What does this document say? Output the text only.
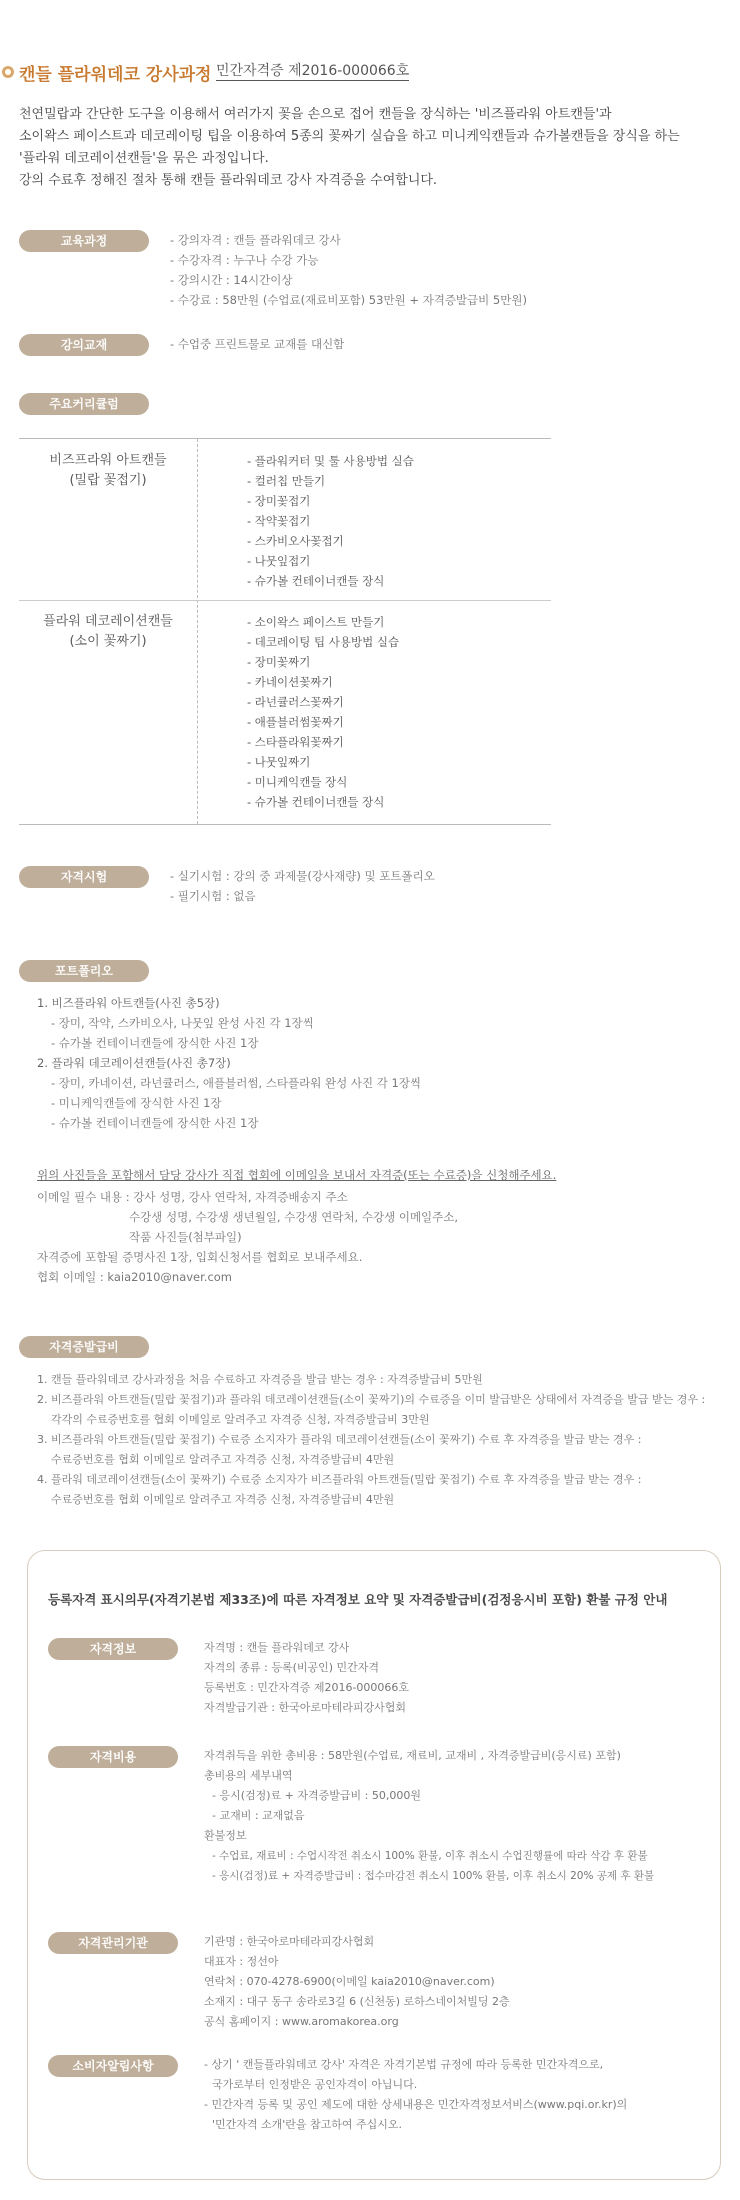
캔들 플라워데코 강사과정 민간자격증 제2016-000066호
천연밀랍과 간단한 도구을 이용해서 여러가지 꽃을 손으로 접어 캔들을 장식하는 '비즈플라워 아트캔들'과
소이왁스 페이스트과 데코레이팅 팁을 이용하여 5종의 꽃짜기 실습을 하고 미니케익캔들과 슈가볼캔들을 장식을 하는
'플라워 데코레이션캔들'을 묶은 과정입니다.
강의 수료후 정해진 절차 통해 캔들 플라워데코 강사 자격증을 수여합니다.
교육과정	- 강의자격 : 캔들 플라워데코 강사
- 수강자격 : 누구나 수강 가능
- 강의시간 : 14시간이상
- 수강료 : 58만원 (수업료(재료비포함) 53만원 + 자격증발급비 5만원)
강의교재	- 수업중 프린트물로 교재를 대신함
주요커리큘럼
비즈프라워 아트캔들
(밀랍 꽃접기)
- 플라워커터 및 툴 사용방법 실습
- 컬러칩 만들기
- 장미꽃접기
- 작약꽃접기
- 스카비오사꽃접기
- 나뭇잎접기
- 슈가볼 컨테이너캔들 장식
플라워 데코레이션캔들
(소이 꽃짜기)
- 소이왁스 페이스트 만들기
- 데코레이팅 팁 사용방법 실습
- 장미꽃짜기
- 카네이션꽃짜기
- 라넌큘러스꽃짜기
- 애플블러썸꽃짜기
- 스타플라워꽃짜기
- 나뭇잎짜기
- 미니케익캔들 장식
- 슈가볼 컨테이너캔들 장식
자격시험	- 실기시험 : 강의 중 과제물(강사재량) 및 포트폴리오
- 필기시험 : 없음
포트폴리오
1. 비즈플라워 아트캔들(사진 총5장)
- 장미, 작약, 스카비오사, 나뭇잎 완성 사진 각 1장씩
- 슈가볼 컨테이너캔들에 장식한 사진 1장
2. 플라워 데코레이션캔들(사진 총7장)
- 장미, 카네이션, 라넌큘러스, 애플블러썸, 스타플라워 완성 사진 각 1장씩
- 미니케익캔들에 장식한 사진 1장
- 슈가볼 컨테이너캔들에 장식한 사진 1장
위의 사진들을 포함해서 담당 강사가 직접 협회에 이메일을 보내서 자격증(또는 수료증)을 신청해주세요.
이메일 필수 내용 : 강사 성명, 강사 연락처, 자격증배송지 주소
수강생 성명, 수강생 생년월일, 수강생 연락처, 수강생 이메일주소,
작품 사진들(첨부파일)
자격증에 포함될 증명사진 1장, 입회신청서를 협회로 보내주세요.
협회 이메일 : kaia2010@naver.com
자격증발급비
1. 캔들 플라워데코 강사과정을 처음 수료하고 자격증을 발급 받는 경우 : 자격증발급비 5만원
2. 비즈플라워 아트캔들(밀랍 꽃접기)과 플라워 데코레이션캔들(소이 꽃짜기)의 수료증을 이미 발급받은 상태에서 자격증을 발급 받는 경우 :
각각의 수료증번호를 협회 이메일로 알려주고 자격증 신청, 자격증발급비 3만원
3. 비즈플라워 아트캔들(밀랍 꽃접기) 수료증 소지자가 플라워 데코레이션캔들(소이 꽃짜기) 수료 후 자격증을 발급 받는 경우 :
수료증번호를 협회 이메일로 알려주고 자격증 신청, 자격증발급비 4만원
4. 플라워 데코레이션캔들(소이 꽃짜기) 수료증 소지자가 비즈플라워 아트캔들(밀랍 꽃접기) 수료 후 자격증을 발급 받는 경우 :
수료증번호를 협회 이메일로 알려주고 자격증 신청, 자격증발급비 4만원
등록자격 표시의무(자격기본법 제33조)에 따른 자격정보 요약 및 자격증발급비(검정응시비 포함) 환불 규정 안내
자격정보	자격명 : 캔들 플라워데코 강사
자격의 종류 : 등록(비공인) 민간자격
등록번호 : 민간자격증 제2016-000066호
자격발급기관 : 한국아로마테라피강사협회
자격비용	자격취득을 위한 총비용 : 58만원(수업료, 재료비, 교재비 , 자격증발급비(응시료) 포함)
총비용의 세부내역
- 응시(검정)료 + 자격증발급비 : 50,000원
- 교재비 : 교재없음
환불정보
- 수업료, 재료비 : 수업시작전 취소시 100% 환불, 이후 취소시 수업진행률에 따라 삭감 후 환불
- 응시(검정)료 + 자격증발급비 : 접수마감전 취소시 100% 환불, 이후 취소시 20% 공제 후 환불
자격관리기관	기관명 : 한국아로마테라피강사협회
대표자 : 정선아
연락처 : 070-4278-6900(이메일 kaia2010@naver.com)
소재지 : 대구 동구 송라로3길 6 (신천동) 로하스네이처빌딩 2층
공식 홈페이지 : www.aromakorea.org
소비자알림사항	- 상기 ' 캔들플라워데코 강사' 자격은 자격기본법 규정에 따라 등록한 민간자격으로,
국가로부터 인정받은 공인자격이 아닙니다.
- 민간자격 등록 및 공인 제도에 대한 상세내용은 민간자격정보서비스(www.pqi.or.kr)의
'민간자격 소개'란을 참고하여 주십시오.
